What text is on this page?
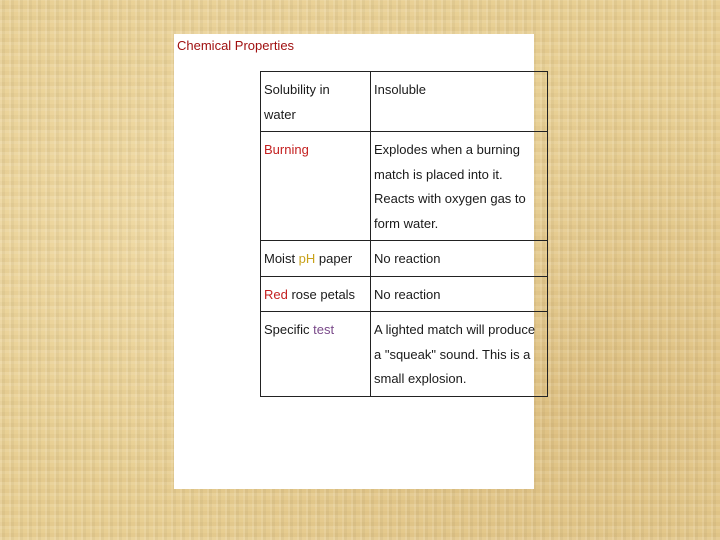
Chemical Properties
Solubility in water	Insoluble
Burning	Explodes when a burning match is placed into it. Reacts with oxygen gas to form water.
Moist pH paper	No reaction
Red rose petals	No reaction
Specific test	A lighted match will produce a "squeak" sound. This is a small explosion.
